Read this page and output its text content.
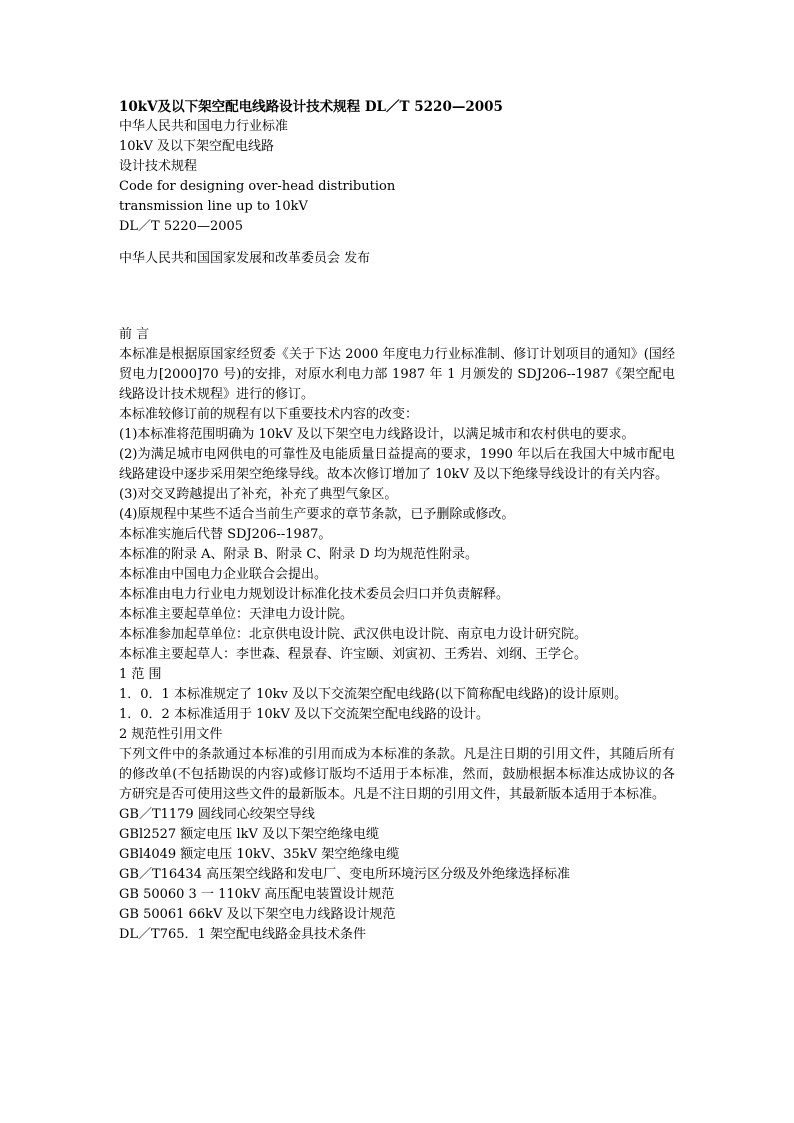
10kV及以下架空配电线路设计技术规程 DL／T 5220—2005
中华人民共和国电力行业标准
10kV 及以下架空配电线路
设计技术规程
Code for designing over-head distribution
transmission line up to 10kV
DL／T 5220—2005
中华人民共和国国家发展和改革委员会 发布
前 言
本标准是根据原国家经贸委《关于下达 2000 年度电力行业标准制、修订计划项目的通知》(国经贸电力[2000]70 号)的安排，对原水利电力部 1987 年 1 月颁发的 SDJ206--1987《架空配电线路设计技术规程》进行的修订。
本标准较修订前的规程有以下重要技术内容的改变：
(1)本标准将范围明确为 10kV 及以下架空电力线路设计，以满足城市和农村供电的要求。
(2)为满足城市电网供电的可靠性及电能质量日益提高的要求，1990 年以后在我国大中城市配电线路建设中逐步采用架空绝缘导线。故本次修订增加了 10kV 及以下绝缘导线设计的有关内容。
(3)对交叉跨越提出了补充，补充了典型气象区。
(4)原规程中某些不适合当前生产要求的章节条款，已予删除或修改。
本标准实施后代替 SDJ206--1987。
本标准的附录 A、附录 B、附录 C、附录 D 均为规范性附录。
本标准由中国电力企业联合会提出。
本标准由电力行业电力规划设计标准化技术委员会归口并负责解释。
本标准主要起草单位：天津电力设计院。
本标准参加起草单位：北京供电设计院、武汉供电设计院、南京电力设计研究院。
本标准主要起草人：李世森、程景春、许宝颐、刘寅初、王秀岩、刘纲、王学仑。
1 范 围
1．0．1 本标准规定了 10kv 及以下交流架空配电线路(以下简称配电线路)的设计原则。
1．0．2 本标准适用于 10kV 及以下交流架空配电线路的设计。
2 规范性引用文件
下列文件中的条款通过本标准的引用而成为本标准的条款。凡是注日期的引用文件，其随后所有的修改单(不包括勘误的内容)或修订版均不适用于本标准，然而，鼓励根据本标准达成协议的各方研究是否可使用这些文件的最新版本。凡是不注日期的引用文件，其最新版本适用于本标准。
GB／T1179 圆线同心绞架空导线
GBl2527 额定电压 lkV 及以下架空绝缘电缆
GBl4049 额定电压 10kV、35kV 架空绝缘电缆
GB／T16434 高压架空线路和发电厂、变电所环境污区分级及外绝缘选择标准
GB 50060 3 一 110kV 高压配电装置设计规范
GB 50061 66kV 及以下架空电力线路设计规范
DL／T765．1 架空配电线路金具技术条件
